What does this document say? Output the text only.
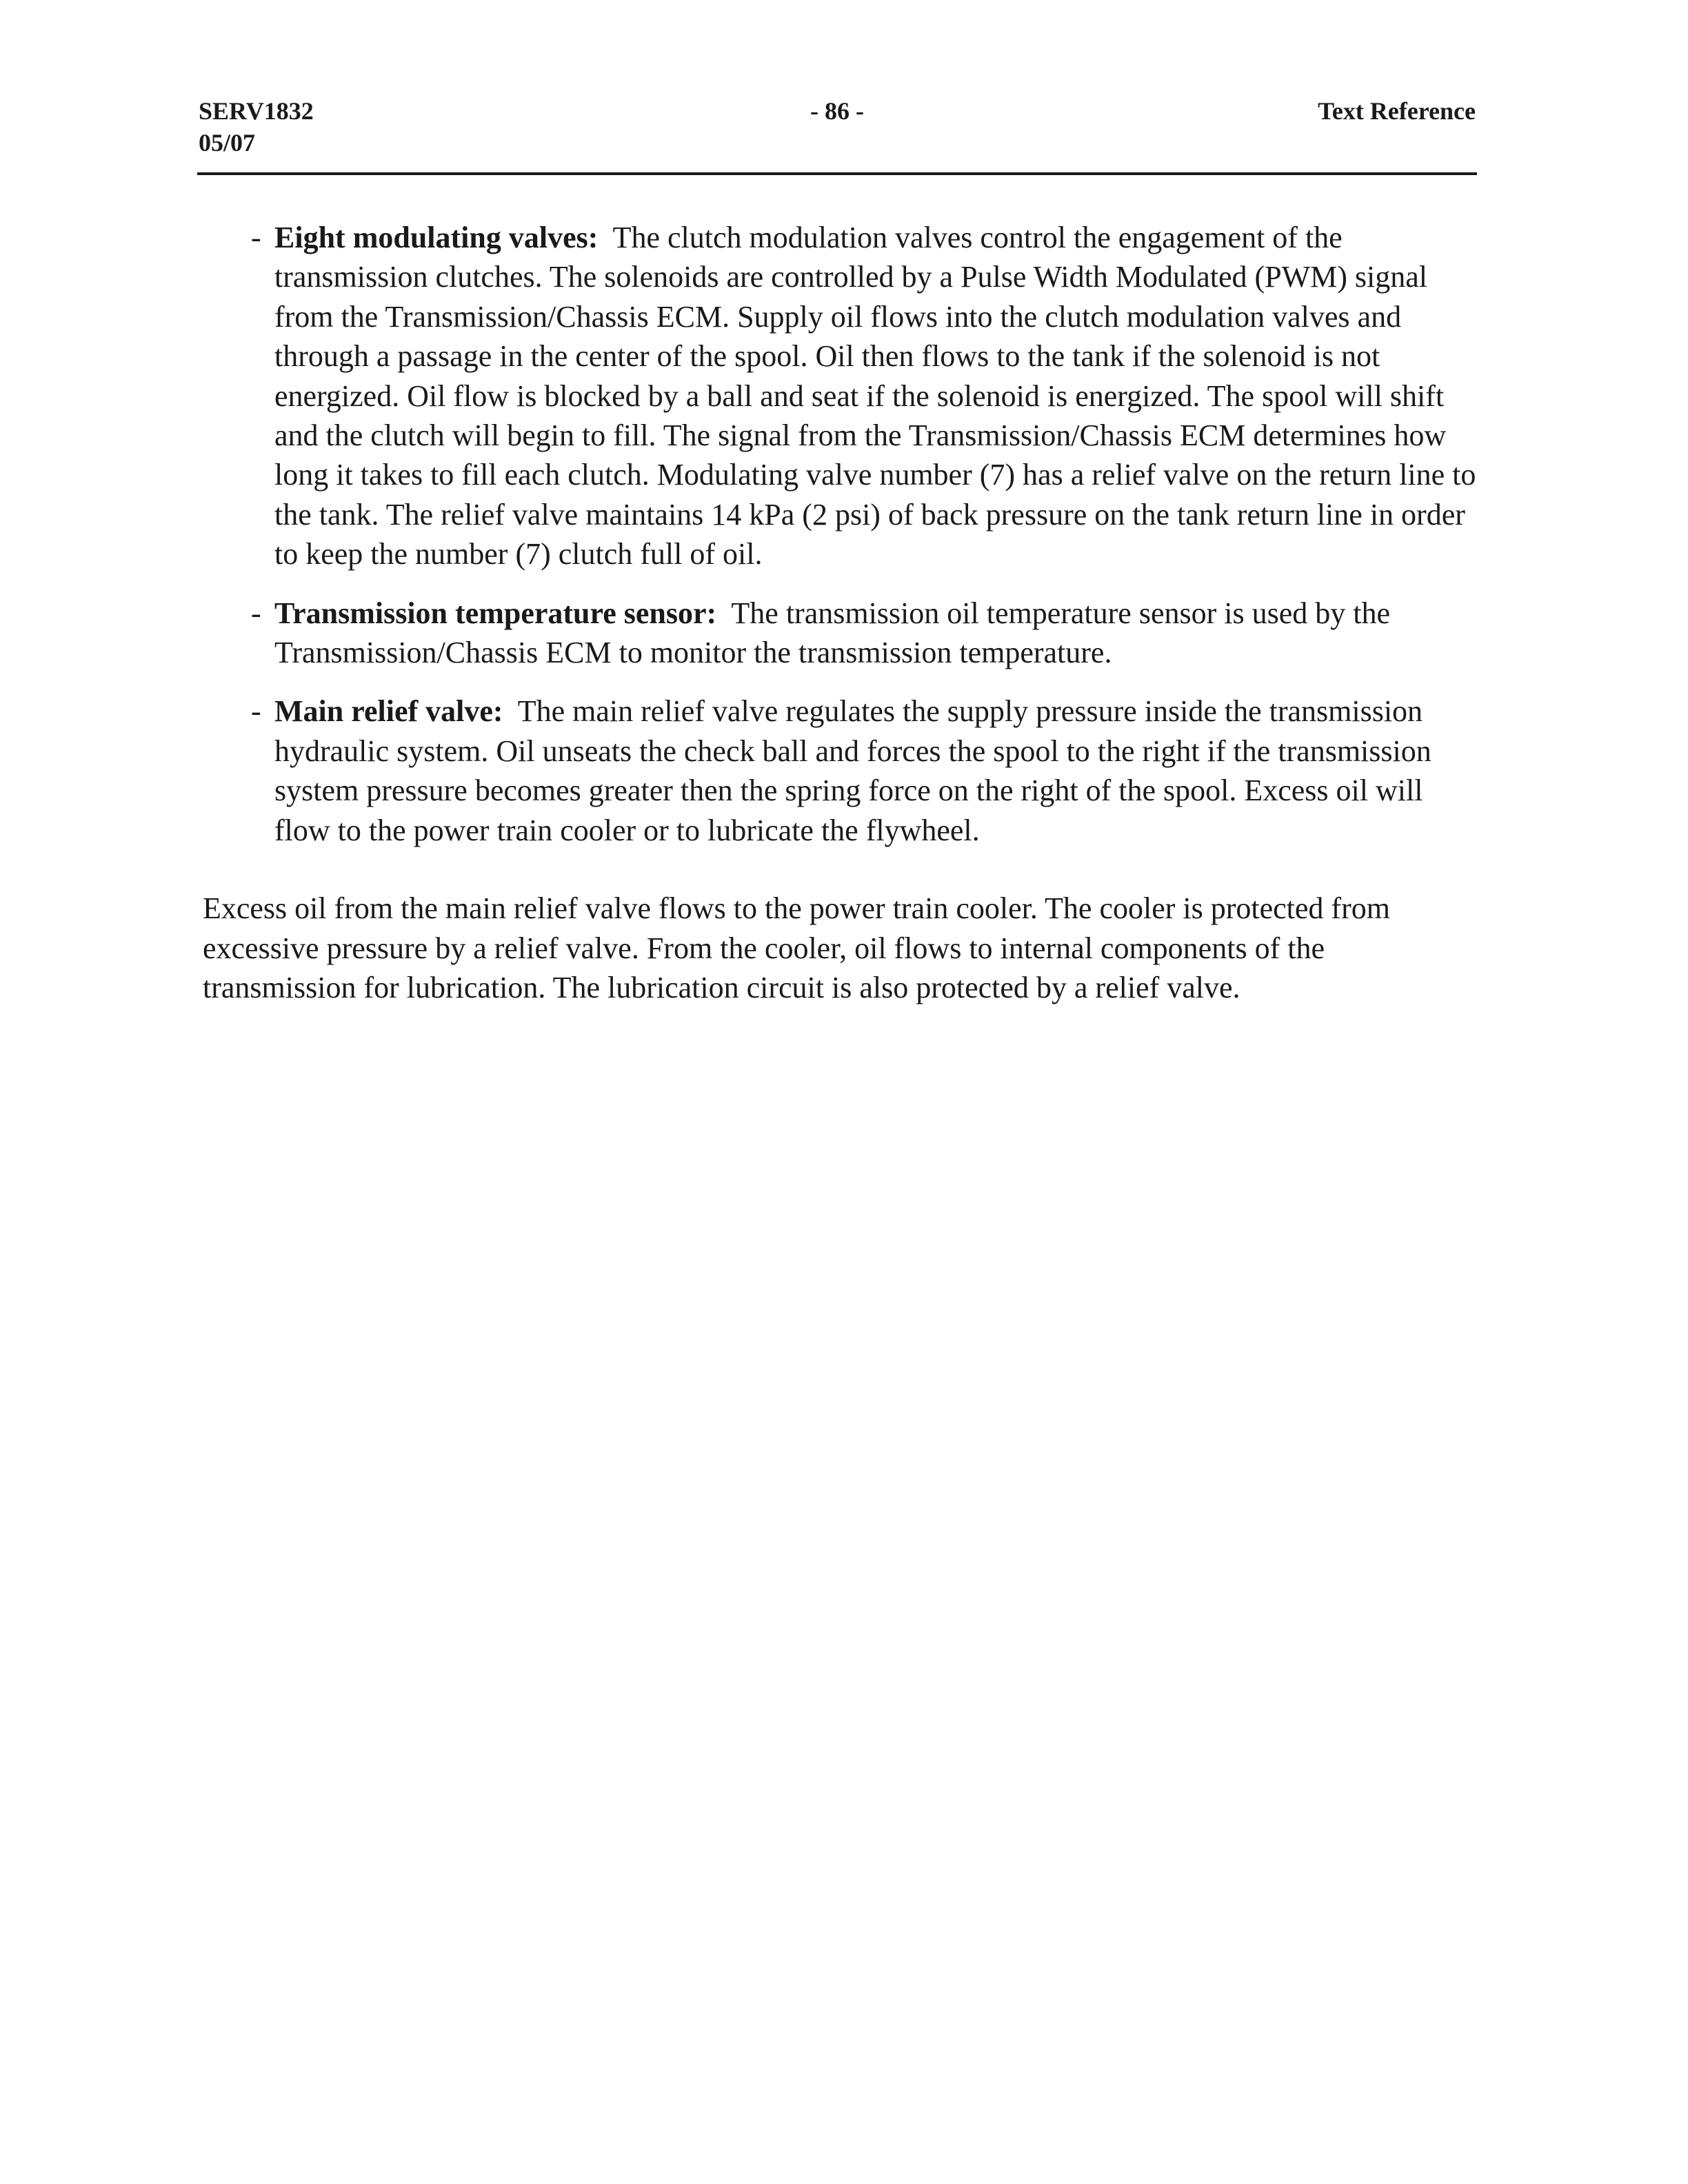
SERV1832
05/07
- 86 -	Text Reference
- Eight modulating valves: The clutch modulation valves control the engagement of the transmission clutches. The solenoids are controlled by a Pulse Width Modulated (PWM) signal from the Transmission/Chassis ECM. Supply oil flows into the clutch modulation valves and through a passage in the center of the spool. Oil then flows to the tank if the solenoid is not energized. Oil flow is blocked by a ball and seat if the solenoid is energized. The spool will shift and the clutch will begin to fill. The signal from the Transmission/Chassis ECM determines how long it takes to fill each clutch. Modulating valve number (7) has a relief valve on the return line to the tank. The relief valve maintains 14 kPa (2 psi) of back pressure on the tank return line in order to keep the number (7) clutch full of oil.
- Transmission temperature sensor: The transmission oil temperature sensor is used by the Transmission/Chassis ECM to monitor the transmission temperature.
- Main relief valve: The main relief valve regulates the supply pressure inside the transmission hydraulic system. Oil unseats the check ball and forces the spool to the right if the transmission system pressure becomes greater then the spring force on the right of the spool. Excess oil will flow to the power train cooler or to lubricate the flywheel.

Excess oil from the main relief valve flows to the power train cooler. The cooler is protected from excessive pressure by a relief valve. From the cooler, oil flows to internal components of the transmission for lubrication. The lubrication circuit is also protected by a relief valve.
